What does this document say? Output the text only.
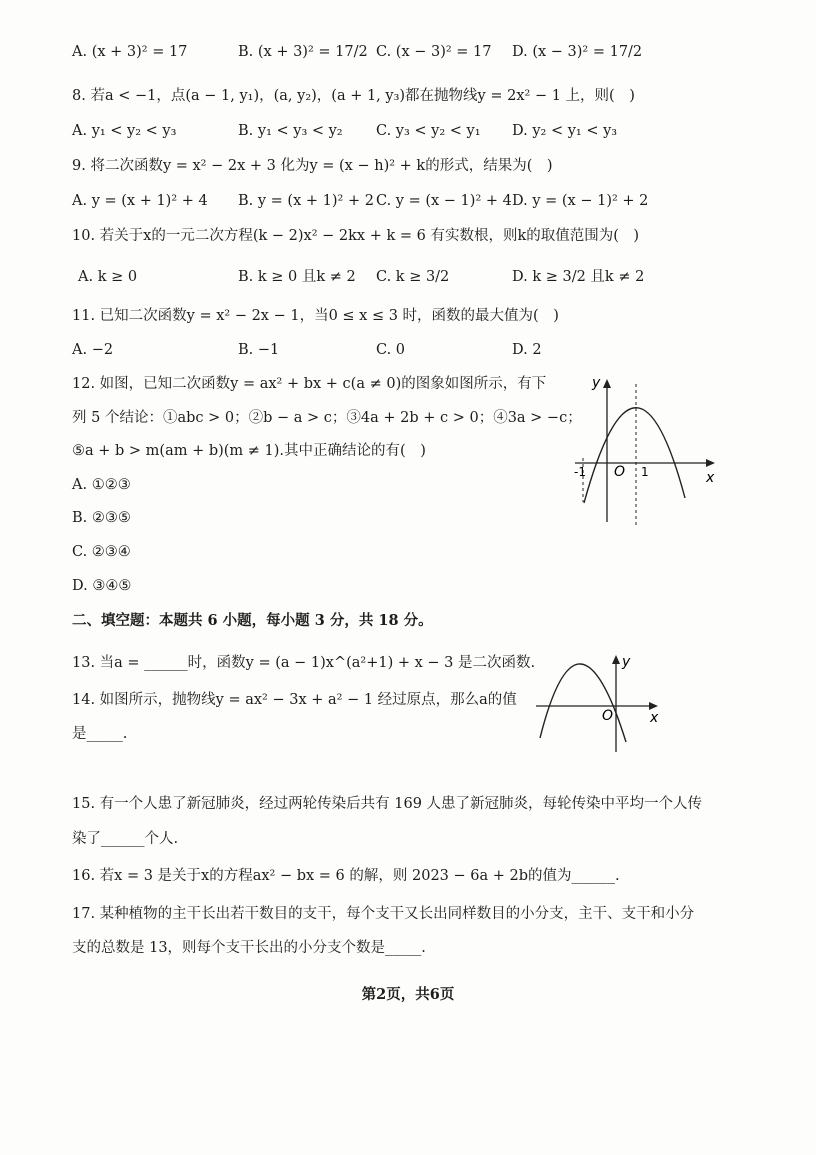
A. (x + 3)² = 17	B. (x + 3)² = 17/2 C. (x − 3)² = 17 D. (x − 3)² = 17/2
8. 若a < −1，点(a − 1, y₁)，(a, y₂)，(a + 1, y₃)都在抛物线y = 2x² − 1 上，则(　)
A. y₁ < y₂ < y₃	B. y₁ < y₃ < y₂ C. y₃ < y₂ < y₁ D. y₂ < y₁ < y₃
9. 将二次函数y = x² − 2x + 3 化为y = (x − h)² + k的形式，结果为(　)
A. y = (x + 1)² + 4 B. y = (x + 1)² + 2 C. y = (x − 1)² + 4 D. y = (x − 1)² + 2
10. 若关于x的一元二次方程(k − 2)x² − 2kx + k = 6 有实数根，则k的取值范围为(　)
A. k ≥ 0	B. k ≥ 0 且k ≠ 2 C. k ≥ 3/2	D. k ≥ 3/2 且k ≠ 2
11. 已知二次函数y = x² − 2x − 1，当0 ≤ x ≤ 3 时，函数的最大值为(　)
A. −2	B. −1	C. 0	D. 2
12. 如图，已知二次函数y = ax² + bx + c(a ≠ 0)的图象如图所示，有下
列 5 个结论：①abc > 0；②b − a > c；③4a + 2b + c > 0；④3a > −c；
⑤a + b > m(am + b)(m ≠ 1).其中正确结论的有(　)
A. ①②③
B. ②③⑤
C. ②③④
D. ③④⑤
y
x
O
-1	1
二、填空题：本题共 6 小题，每小题 3 分，共 18 分。
13. 当a = ______时，函数y = (a − 1)x^(a²+1) + x − 3 是二次函数.
14. 如图所示，抛物线y = ax² − 3x + a² − 1 经过原点，那么a的值
是_____.
y
x
O
15. 有一个人患了新冠肺炎，经过两轮传染后共有 169 人患了新冠肺炎，每轮传染中平均一个人传
染了______个人.
16. 若x = 3 是关于x的方程ax² − bx = 6 的解，则 2023 − 6a + 2b的值为______.
17. 某种植物的主干长出若干数目的支干，每个支干又长出同样数目的小分支，主干、支干和小分
支的总数是 13，则每个支干长出的小分支个数是_____.
第2页，共6页
